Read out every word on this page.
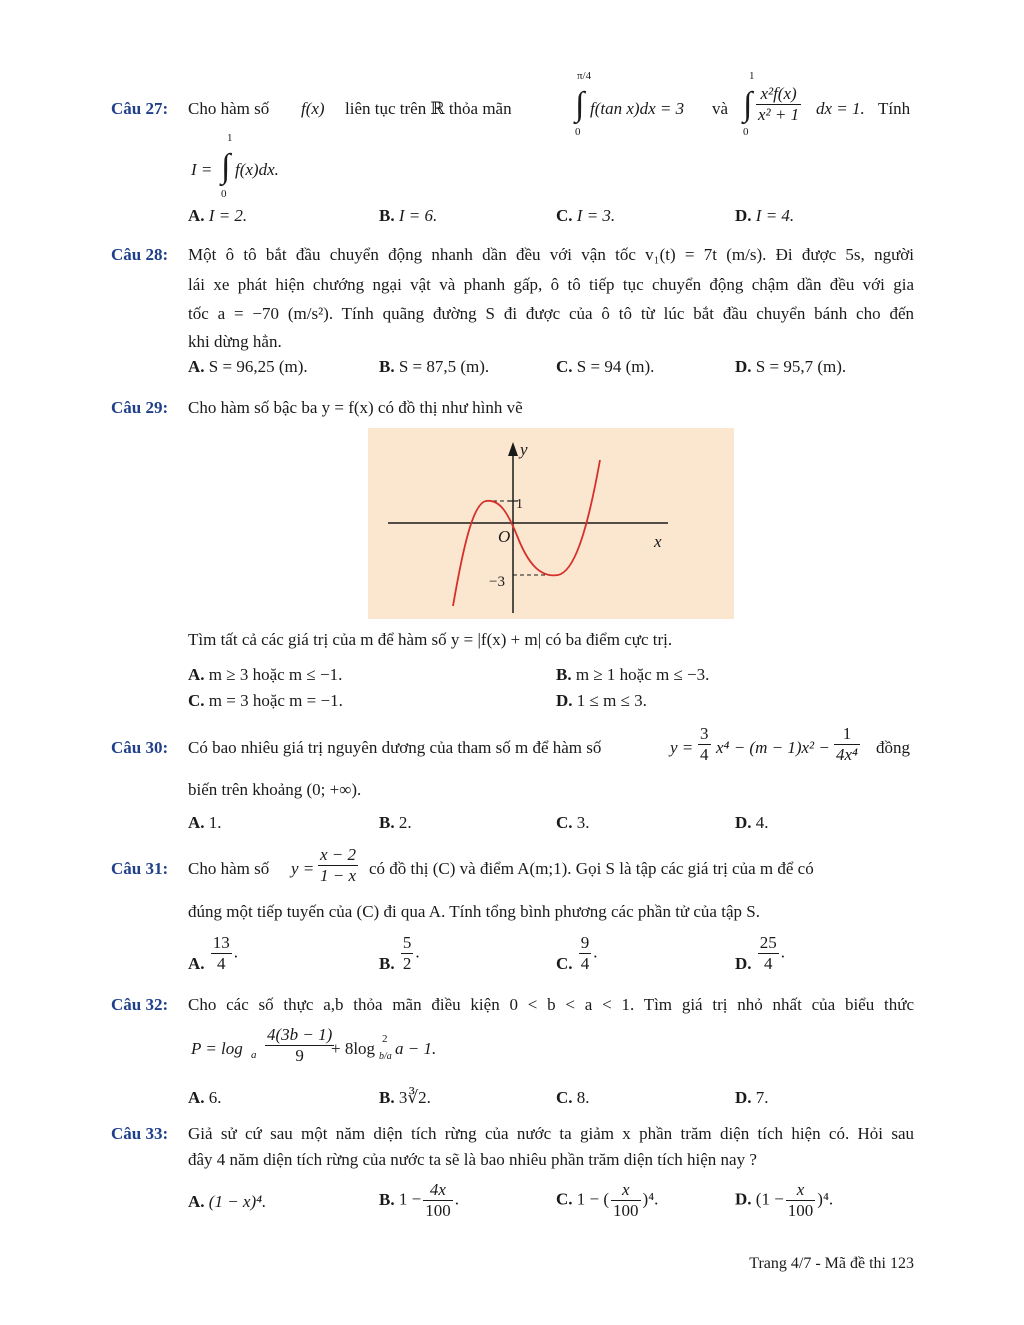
Câu 27: Cho hàm số f(x) liên tục trên ℝ thỏa mãn ∫
π/4
0
f(tan x)dx = 3 và ∫
1
0
$\frac{\text{x²f(x)}}{\text{x² + 1}}$ dx = 1. Tính
I = ∫
1
0
f(x)dx.
A. I = 2.	B. I = 6.	C. I = 3.	D. I = 4.
Câu 28: Một ô tô bắt đầu chuyển động nhanh dần đều với vận tốc v₁(t) = 7t (m/s). Đi được 5s, người
lái xe phát hiện chướng ngại vật và phanh gấp, ô tô tiếp tục chuyển động chậm dần đều với gia
tốc a = −70 (m/s²). Tính quãng đường S đi được của ô tô từ lúc bắt đầu chuyển bánh cho đến
khi dừng hẳn.
A. S = 96,25 (m).	B. S = 87,5 (m).	C. S = 94 (m).	D. S = 95,7 (m).
Câu 29: Cho hàm số bậc ba y = f(x) có đồ thị như hình vẽ
y
x
O
1
−3
Tìm tất cả các giá trị của m để hàm số y = |f(x) + m| có ba điểm cực trị.
A. m ≥ 3 hoặc m ≤ −1.	B. m ≥ 1 hoặc m ≤ −3.
C. m = 3 hoặc m = −1.	D. 1 ≤ m ≤ 3.
Câu 30: Có bao nhiêu giá trị nguyên dương của tham số m để hàm số	$y = \frac{3}{4} x^4 - (m - 1)x^2 - \frac{1}{\text{4x⁴}}$ đồng
biến trên khoảng (0; +∞).
A. 1.	B. 2.	C. 3.	D. 4.
Câu 31: Cho hàm số $y = \frac{x - 2}{1 - x}$ có đồ thị (C) và điểm A(m;1). Gọi S là tập các giá trị của m để có
đúng một tiếp tuyến của (C) đi qua A. Tính tổng bình phương các phần tử của tập S.
A. $\frac{13}{4}$ .
B. $\frac{5}{2}$ .
C. $\frac{9}{4}$ .
D. $\frac{25}{4}$ .
Câu 32: Cho các số thực a,b thỏa mãn điều kiện 0 < b < a < 1. Tìm giá trị nhỏ nhất của biểu thức
P = log a $\frac{4(3b - 1)}{9}$
+ 8log 2
b/a a − 1.
A. 6.	B. 3∛2.	C. 8.	D. 7.
Câu 33: Giả sử cứ sau một năm diện tích rừng của nước ta giảm x phần trăm diện tích hiện có. Hỏi sau
đây 4 năm diện tích rừng của nước ta sẽ là bao nhiêu phần trăm diện tích hiện nay ?
A. (1 − x)⁴.	B. $1 - \frac{4x}{100}$ .	C. 1 − ( $\frac{x}{100} )^4$.	D. $(1 - \frac{x}{100} )^4$.
Trang 4/7 - Mã đề thi 123
